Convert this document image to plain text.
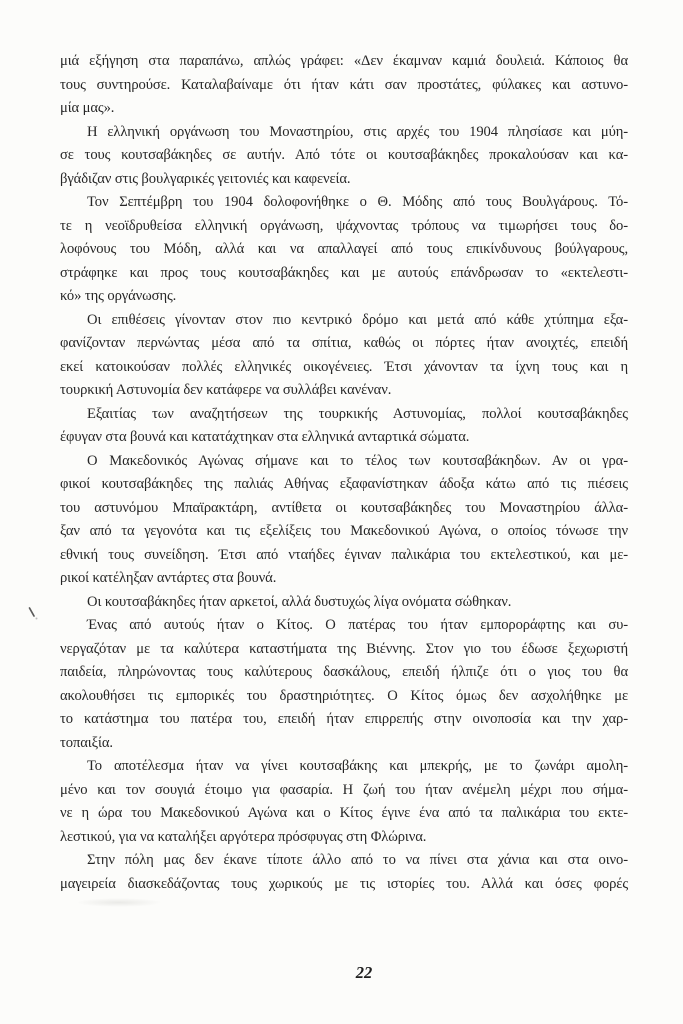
μιά εξήγηση στα παραπάνω, απλώς γράφει: «Δεν έκαμναν καμιά δουλειά. Κάποιος θα
τους συντηρούσε. Καταλαβαίναμε ότι ήταν κάτι σαν προστάτες, φύλακες και αστυνο-
μία μας».
Η ελληνική οργάνωση του Μοναστηρίου, στις αρχές του 1904 πλησίασε και μύη-
σε τους κουτσαβάκηδες σε αυτήν. Από τότε οι κουτσαβάκηδες προκαλούσαν και κα-
βγάδιζαν στις βουλγαρικές γειτονιές και καφενεία.
Τον Σεπτέμβρη του 1904 δολοφονήθηκε ο Θ. Μόδης από τους Βουλγάρους. Τό-
τε η νεοϊδρυθείσα ελληνική οργάνωση, ψάχνοντας τρόπους να τιμωρήσει τους δο-
λοφόνους του Μόδη, αλλά και να απαλλαγεί από τους επικίνδυνους βούλγαρους,
στράφηκε και προς τους κουτσαβάκηδες και με αυτούς επάνδρωσαν το «εκτελεστι-
κό» της οργάνωσης.
Οι επιθέσεις γίνονταν στον πιο κεντρικό δρόμο και μετά από κάθε χτύπημα εξα-
φανίζονταν περνώντας μέσα από τα σπίτια, καθώς οι πόρτες ήταν ανοιχτές, επειδή
εκεί κατοικούσαν πολλές ελληνικές οικογένειες. Έτσι χάνονταν τα ίχνη τους και η
τουρκική Αστυνομία δεν κατάφερε να συλλάβει κανέναν.
Εξαιτίας των αναζητήσεων της τουρκικής Αστυνομίας, πολλοί κουτσαβάκηδες
έφυγαν στα βουνά και κατατάχτηκαν στα ελληνικά ανταρτικά σώματα.
Ο Μακεδονικός Αγώνας σήμανε και το τέλος των κουτσαβάκηδων. Αν οι γρα-
φικοί κουτσαβάκηδες της παλιάς Αθήνας εξαφανίστηκαν άδοξα κάτω από τις πιέσεις
του αστυνόμου Μπαϊρακτάρη, αντίθετα οι κουτσαβάκηδες του Μοναστηρίου άλλα-
ξαν από τα γεγονότα και τις εξελίξεις του Μακεδονικού Αγώνα, ο οποίος τόνωσε την
εθνική τους συνείδηση. Έτσι από νταήδες έγιναν παλικάρια του εκτελεστικού, και με-
ρικοί κατέληξαν αντάρτες στα βουνά.
Οι κουτσαβάκηδες ήταν αρκετοί, αλλά δυστυχώς λίγα ονόματα σώθηκαν.
Ένας από αυτούς ήταν ο Κίτος. Ο πατέρας του ήταν εμποροράφτης και συ-
νεργαζόταν με τα καλύτερα καταστήματα της Βιέννης. Στον γιο του έδωσε ξεχωριστή
παιδεία, πληρώνοντας τους καλύτερους δασκάλους, επειδή ήλπιζε ότι ο γιος του θα
ακολουθήσει τις εμπορικές του δραστηριότητες. Ο Κίτος όμως δεν ασχολήθηκε με
το κατάστημα του πατέρα του, επειδή ήταν επιρρεπής στην οινοποσία και την χαρ-
τοπαιξία.
Το αποτέλεσμα ήταν να γίνει κουτσαβάκης και μπεκρής, με το ζωνάρι αμολη-
μένο και τον σουγιά έτοιμο για φασαρία. Η ζωή του ήταν ανέμελη μέχρι που σήμα-
νε η ώρα του Μακεδονικού Αγώνα και ο Κίτος έγινε ένα από τα παλικάρια του εκτε-
λεστικού, για να καταλήξει αργότερα πρόσφυγας στη Φλώρινα.
Στην πόλη μας δεν έκανε τίποτε άλλο από το να πίνει στα χάνια και στα οινο-
μαγειρεία διασκεδάζοντας τους χωρικούς με τις ιστορίες του. Αλλά και όσες φορές
22
